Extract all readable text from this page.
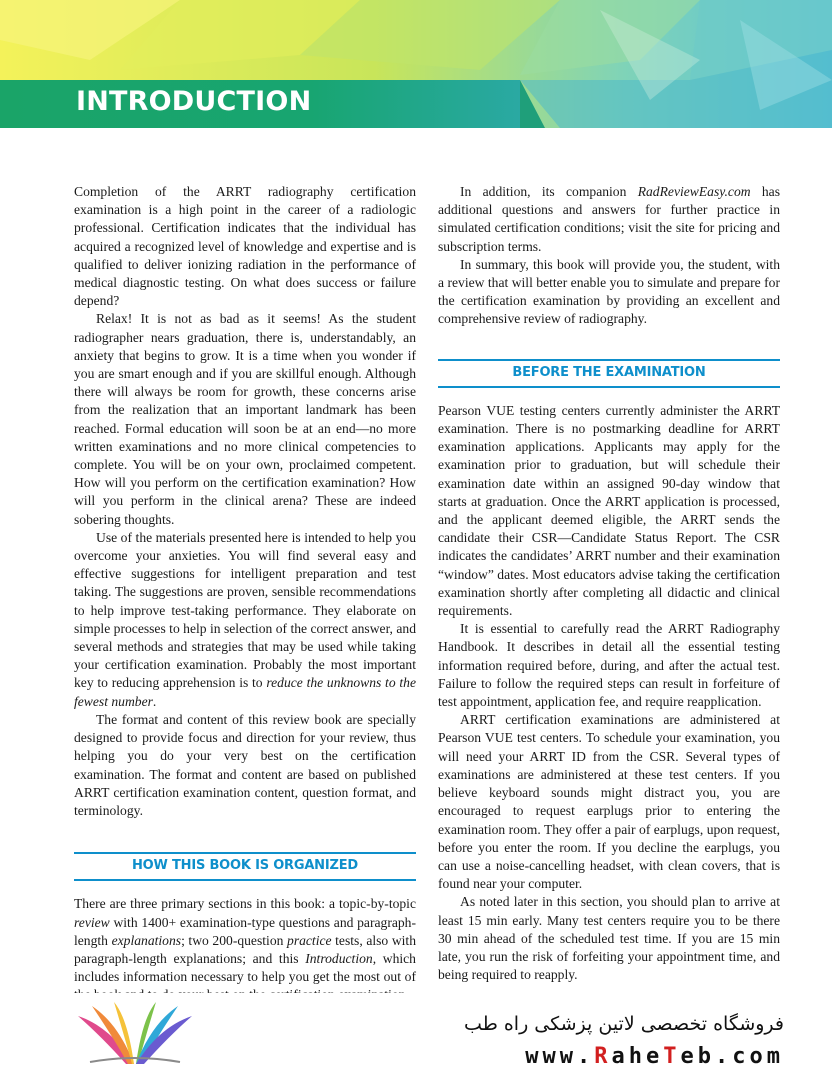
INTRODUCTION

Completion of the ARRT radiography certification examination is a high point in the career of a radiologic professional. Certification indicates that the individual has acquired a recognized level of knowledge and expertise and is qualified to deliver ionizing radiation in the performance of medical diagnostic testing. On what does success or failure depend?

Relax! It is not as bad as it seems! As the student radiographer nears graduation, there is, understandably, an anxiety that begins to grow. It is a time when you wonder if you are smart enough and if you are skillful enough. Although there will always be room for growth, these concerns arise from the realization that an important landmark has been reached. Formal education will soon be at an end—no more written examinations and no more clinical competencies to complete. You will be on your own, proclaimed competent. How will you perform on the certification examination? How will you perform in the clinical arena? These are indeed sobering thoughts.

Use of the materials presented here is intended to help you overcome your anxieties. You will find several easy and effective suggestions for intelligent preparation and test taking. The suggestions are proven, sensible recommendations to help improve test-taking performance. They elaborate on simple processes to help in selection of the correct answer, and several methods and strategies that may be used while taking your certification examination. Probably the most important key to reducing apprehension is to reduce the unknowns to the fewest number.

The format and content of this review book are specially designed to provide focus and direction for your review, thus helping you do your very best on the certification examination. The format and content are based on published ARRT certification examination content, question format, and terminology.

HOW THIS BOOK IS ORGANIZED

There are three primary sections in this book: a topic-by-topic review with 1400+ examination-type questions and paragraph-length explanations; two 200-question practice tests, also with paragraph-length explanations; and this Introduction, which includes information necessary to help you get the most out of

In addition, its companion RadReviewEasy.com has additional questions and answers for further practice in simulated certification conditions; visit the site for pricing and subscription terms.

In summary, this book will provide you, the student, with a review that will better enable you to simulate and prepare for the certification examination by providing an excellent and comprehensive review of radiography.

BEFORE THE EXAMINATION

Pearson VUE testing centers currently administer the ARRT examination. There is no postmarking deadline for ARRT examination applications. Applicants may apply for the examination prior to graduation, but will schedule their examination date within an assigned 90-day window that starts at graduation. Once the ARRT application is processed, and the applicant deemed eligible, the ARRT sends the candidate their CSR—Candidate Status Report. The CSR indicates the candidates’ ARRT number and their examination “window” dates. Most educators advise taking the certification examination shortly after completing all didactic and clinical requirements.

It is essential to carefully read the ARRT Radiography Handbook. It describes in detail all the essential testing information required before, during, and after the actual test. Failure to follow the required steps can result in forfeiture of test appointment, application fee, and require reapplication.

ARRT certification examinations are administered at Pearson VUE test centers. To schedule your examination, you will need your ARRT ID from the CSR. Several types of examinations are administered at these test centers. If you believe keyboard sounds might distract you, you are encouraged to request earplugs prior to entering the examination room. They offer a pair of earplugs, upon request, before you enter the room. If you decline the earplugs, you can use a noise-cancelling headset, with clean covers, that is found near your computer.

As noted later in this section, you should plan to arrive at least 15 min early. Many test centers require you to be there 30 min ahead of the scheduled test time. If you are 15 min late, you run the risk of forfeiting your appointment time, and being required to reapply.

فروشگاه تخصصی لاتین پزشکی راه طب
www.RaheTeb.com
